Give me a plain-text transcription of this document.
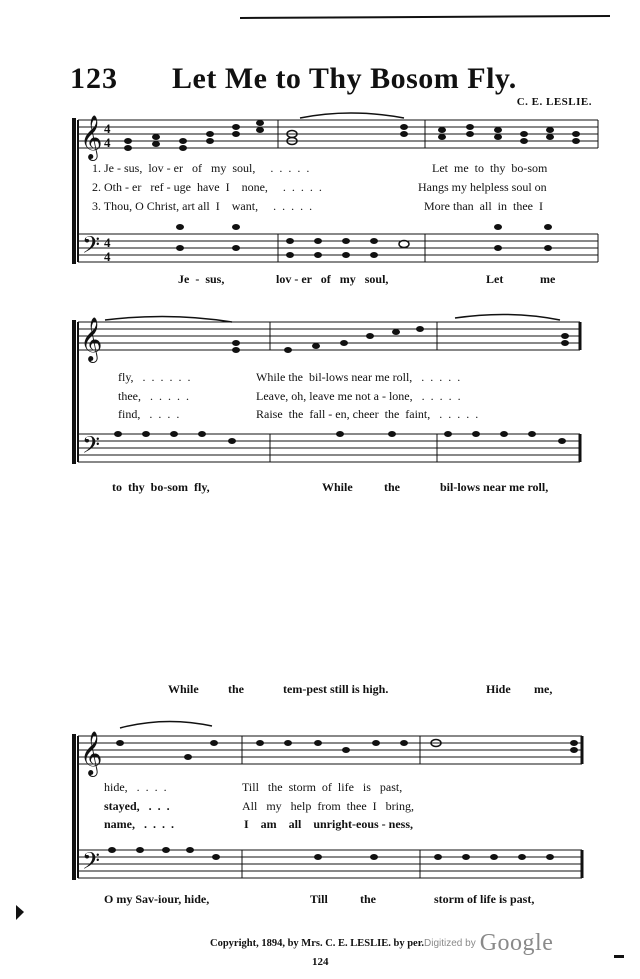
123 Let Me to Thy Bosom Fly.
C. E. LESLIE.
𝄞 4
4
𝄢 4
4
𝄞
𝄢
𝄞
𝄢
1. Je - sus,  lov - er   of   my  soul,     .  .  .  .  .	Let  me  to  thy  bo-som
2. Oth - er   ref - uge  have  I    none,     .  .  .  .  .	Hangs my helpless soul on
3. Thou, O Christ, art all  I    want,     .  .  .  .  .	More than  all  in  thee  I
Je  -  sus,	lov - er   of   my   soul,	Let	me
fly,   .  .  .  .  .  .	While the  bil-lows near me roll,   .  .  .  .  .
thee,   .  .  .  .  .	Leave, oh, leave me not a - lone,   .  .  .  .  .
find,   .  .  .  .	Raise  the  fall - en, cheer  the  faint,   .  .  .  .  .
to  thy  bo-som  fly,	While	the	bil-lows near me roll,
While the	tem-pest still is high.	Hide me,
hide,   .  .  .  .	Till   the  storm  of  life   is   past,
stayed,   .  .  .	All   my   help  from  thee  I   bring,
name,   .  .  .  .	I    am    all    unright-eous - ness,
O my Sav-iour, hide,	Till	the	storm of life is past,
Copyright, 1894, by Mrs. C. E. LESLIE. by per.
124
Digitized by Google
